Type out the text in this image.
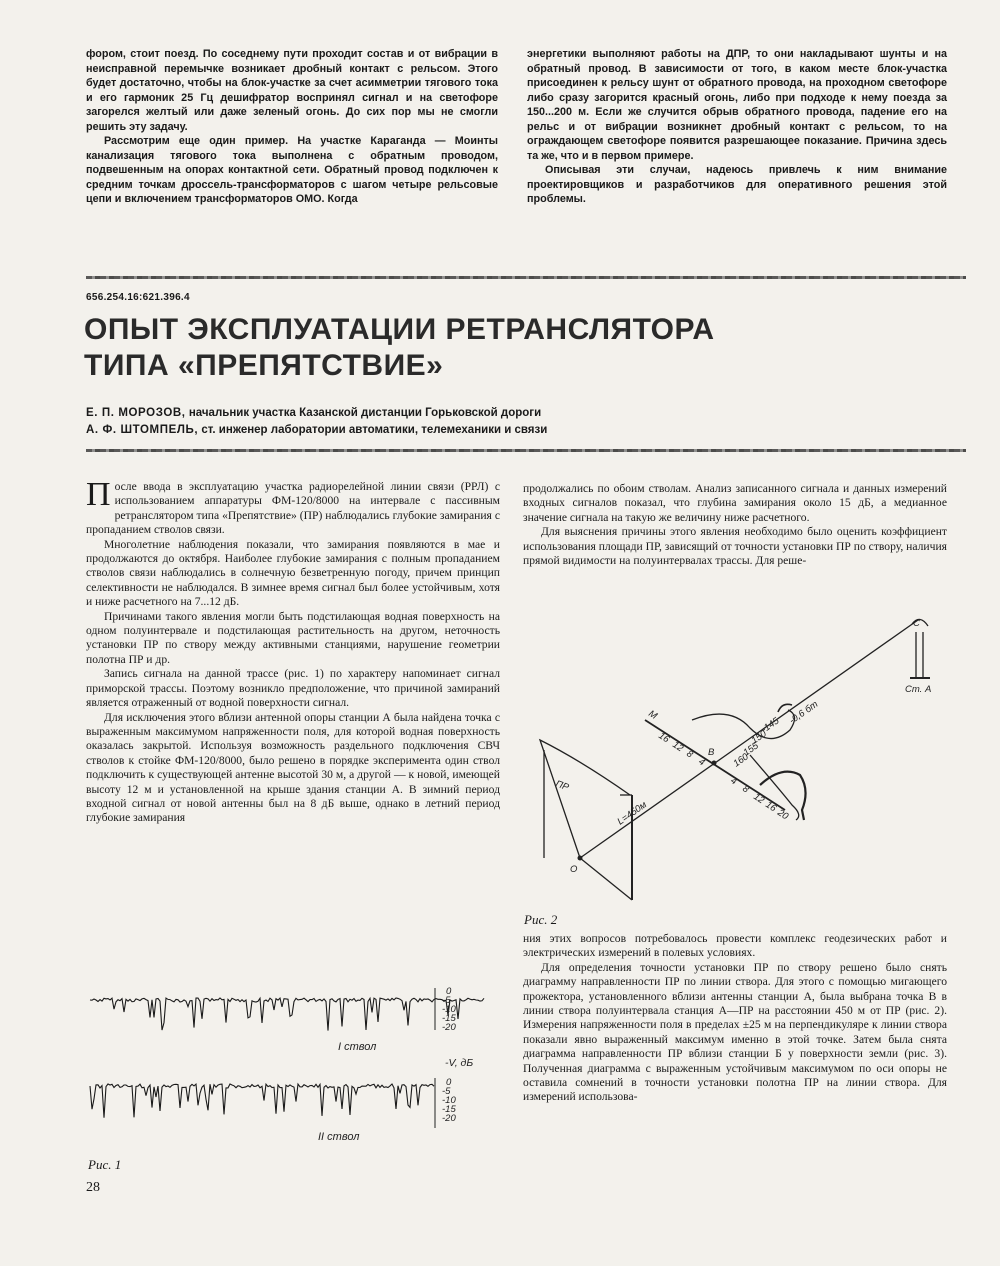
фором, стоит поезд. По соседнему пути проходит состав и от вибрации в неисправной перемычке возникает дробный контакт с рельсом. Этого будет достаточно, чтобы на блок-участке за счет асимметрии тягового тока и его гармоник 25 Гц дешифратор воспринял сигнал и на светофоре загорелся желтый или даже зеленый огонь. До сих пор мы не смогли решить эту задачу.

Рассмотрим еще один пример. На участке Караганда — Моинты канализация тягового тока выполнена с обратным проводом, подвешенным на опорах контактной сети. Обратный провод подключен к средним точкам дроссель-трансформаторов с шагом четыре рельсовые цепи и включением трансформаторов ОМО. Когда

энергетики выполняют работы на ДПР, то они накладывают шунты и на обратный провод. В зависимости от того, в каком месте блок-участка присоединен к рельсу шунт от обратного провода, на проходном светофоре либо сразу загорится красный огонь, либо при подходе к нему поезда за 150...200 м. Если же случится обрыв обратного провода, падение его на рельс и от вибрации возникнет дробный контакт с рельсом, то на ограждающем светофоре появится разрешающее показание. Причина здесь та же, что и в первом примере.

Описывая эти случаи, надеюсь привлечь к ним внимание проектировщиков и разработчиков для оперативного решения этой проблемы.

656.254.16:621.396.4
ОПЫТ ЭКСПЛУАТАЦИИ РЕТРАНСЛЯТОРА
ТИПА «ПРЕПЯТСТВИЕ»
Е. П. МОРОЗОВ, начальник участка Казанской дистанции Горьковской дороги
А. Ф. ШТОМПЕЛЬ, ст. инженер лаборатории автоматики, телемеханики и связи

После ввода в эксплуатацию участка радиорелейной линии связи (РРЛ) с использованием аппаратуры ФМ-120/8000 на интервале с пассивным ретранслятором типа «Препятствие» (ПР) наблюдались глубокие замирания с пропаданием стволов связи.

Многолетние наблюдения показали, что замирания появляются в мае и продолжаются до октября. Наиболее глубокие замирания с полным пропаданием стволов связи наблюдались в солнечную безветренную погоду, причем принцип селективности не наблюдался. В зимнее время сигнал был более устойчивым, хотя и ниже расчетного на 7...12 дБ.

Причинами такого явления могли быть подстилающая водная поверхность на одном полуинтервале и подстилающая растительность на другом, неточность установки ПР по створу между активными станциями, нарушение геометрии полотна ПР и др.

Запись сигнала на данной трассе (рис. 1) по характеру напоминает сигнал приморской трассы. Поэтому возникло предположение, что причиной замираний является отраженный от водной поверхности сигнал.

Для исключения этого вблизи антенной опоры станции А была найдена точка с выраженным максимумом напряженности поля, для которой водная поверхность оказалась закрытой. Используя возможность раздельного подключения СВЧ стволов к стойке ФМ-120/8000, было решено в порядке эксперимента один ствол подключить к существующей антенне высотой 30 м, а другой — к новой, имеющей высоту 12 м и установленной на крыше здания станции А. В зимний период входной сигнал от новой антенны был на 8 дБ выше, однако в летний период глубокие замирания

продолжались по обоим стволам. Анализ записанного сигнала и данных измерений входных сигналов показал, что глубина замирания около 15 дБ, а медианное значение сигнала на такую же величину ниже расчетного.

Для выяснения причины этого явления необходимо было оценить коэффициент использования площади ПР, зависящий от точности установки ПР по створу, наличия прямой видимости на полуинтервалах трассы. Для реше-

С
Ст. А
О
В
М
ПР
L=450м
-0,6 бт
16
12
8
4
4
8
12
16
20
-145
150
155
160
Рис. 2

ния этих вопросов потребовалось провести комплекс геодезических работ и электрических измерений в полевых условиях.

Для определения точности установки ПР по створу решено было снять диаграмму направленности ПР по линии створа. Для этого с помощью мигающего прожектора, установленного вблизи антенны станции А, была выбрана точка В в линии створа полуинтервала станция А—ПР на расстоянии 450 м от ПР (рис. 2). Измерения напряженности поля в пределах ±25 м на перпендикуляре к линии створа показали явно выраженный максимум именно в этой точке. Затем была снята диаграмма направленности ПР вблизи станции Б у поверхности земли (рис. 3). Полученная диаграмма с выраженным устойчивым максимумом по оси опоры не оставила сомнений в точности установки полотна ПР на линии створа. Для измерений использова-

0
-5
-10
-15
-20
I ствол
-V, дБ
0
-5
-10
-15
-20
II ствол
Рис. 1
28
